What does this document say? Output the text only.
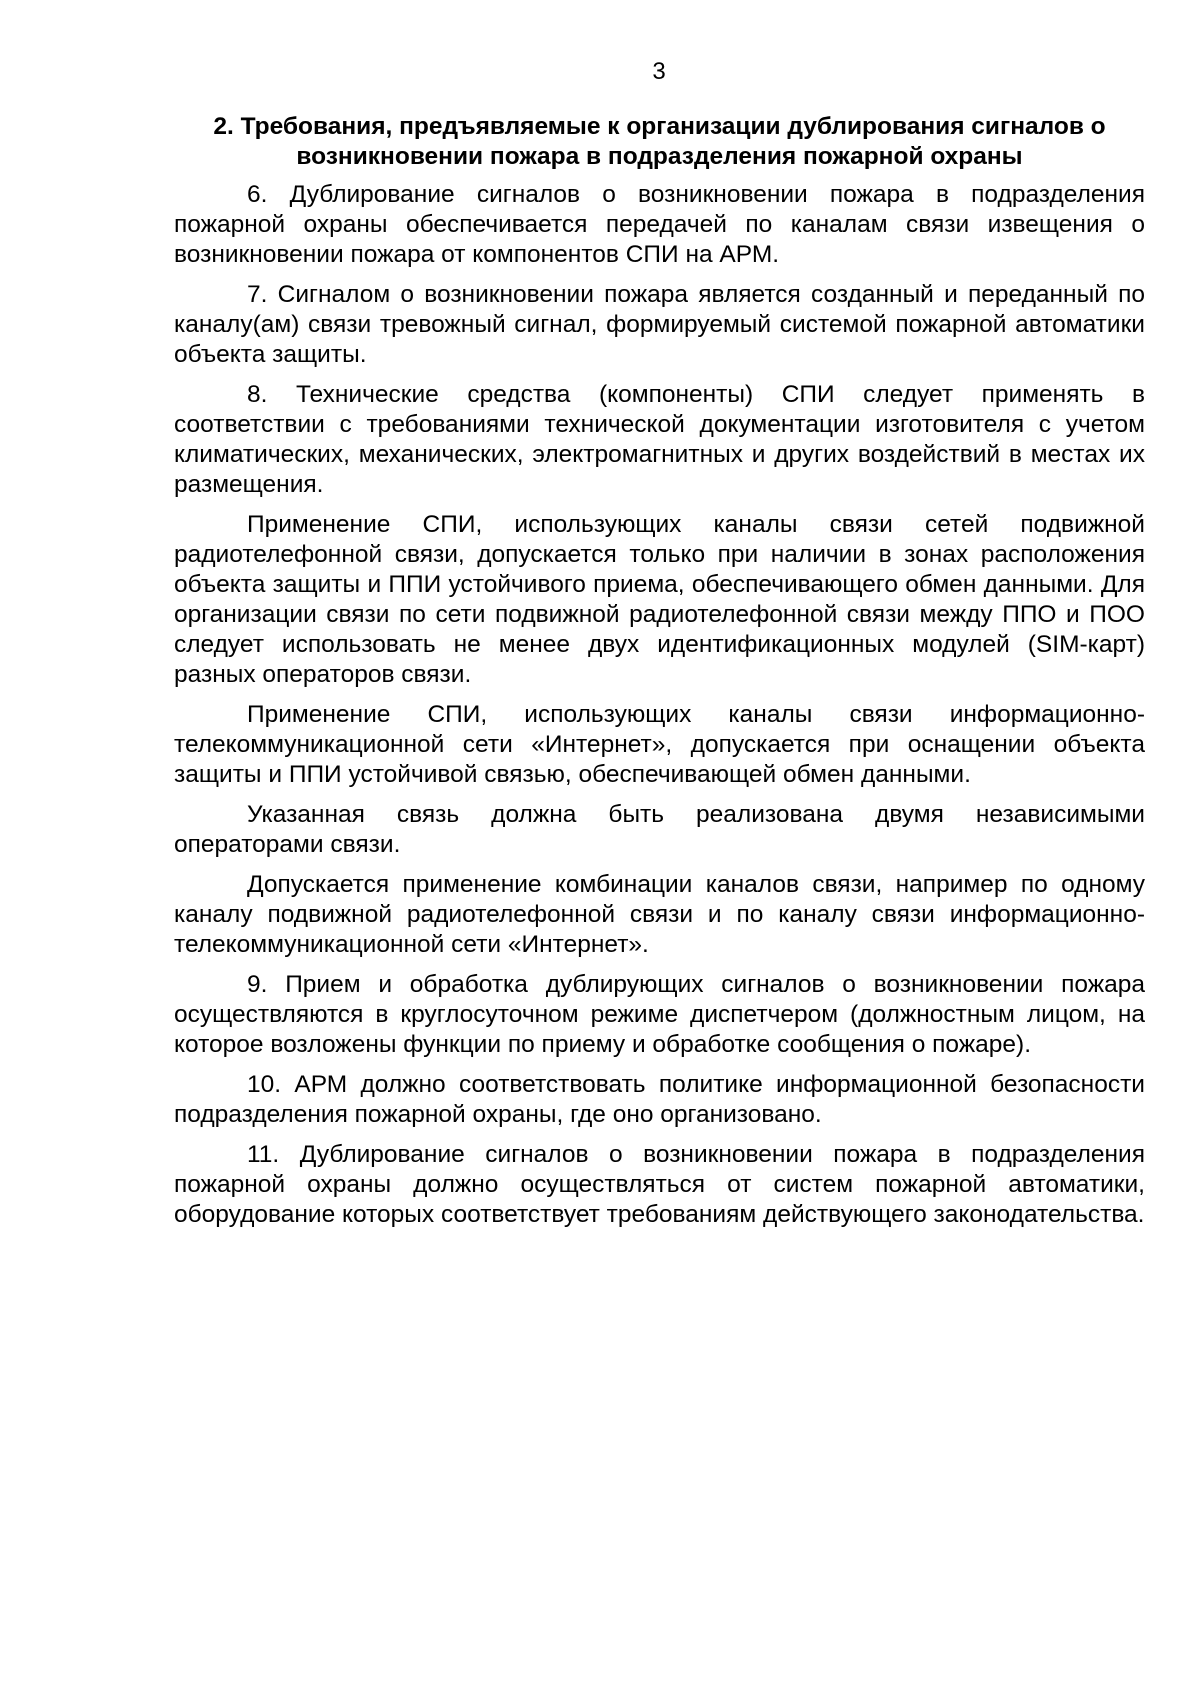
3
2. Требования, предъявляемые к организации дублирования сигналов о возникновении пожара в подразделения пожарной охраны

6. Дублирование сигналов о возникновении пожара в подразделения пожарной охраны обеспечивается передачей по каналам связи извещения о возникновении пожара от компонентов СПИ на АРМ.

7. Сигналом о возникновении пожара является созданный и переданный по каналу(ам) связи тревожный сигнал, формируемый системой пожарной автоматики объекта защиты.

8. Технические средства (компоненты) СПИ следует применять в соответствии с требованиями технической документации изготовителя с учетом климатических, механических, электромагнитных и других воздействий в местах их размещения.

Применение СПИ, использующих каналы связи сетей подвижной радиотелефонной связи, допускается только при наличии в зонах расположения объекта защиты и ППИ устойчивого приема, обеспечивающего обмен данными. Для организации связи по сети подвижной радиотелефонной связи между ППО и ПОО следует использовать не менее двух идентификационных модулей (SIM-карт) разных операторов связи.

Применение СПИ, использующих каналы связи информационно-телекоммуникационной сети «Интернет», допускается при оснащении объекта защиты и ППИ устойчивой связью, обеспечивающей обмен данными.

Указанная связь должна быть реализована двумя независимыми операторами связи.

Допускается применение комбинации каналов связи, например по одному каналу подвижной радиотелефонной связи и по каналу связи информационно-телекоммуникационной сети «Интернет».

9. Прием и обработка дублирующих сигналов о возникновении пожара осуществляются в круглосуточном режиме диспетчером (должностным лицом, на которое возложены функции по приему и обработке сообщения о пожаре).

10. АРМ должно соответствовать политике информационной безопасности подразделения пожарной охраны, где оно организовано.

11. Дублирование сигналов о возникновении пожара в подразделения пожарной охраны должно осуществляться от систем пожарной автоматики, оборудование которых соответствует требованиям действующего законодательства.
